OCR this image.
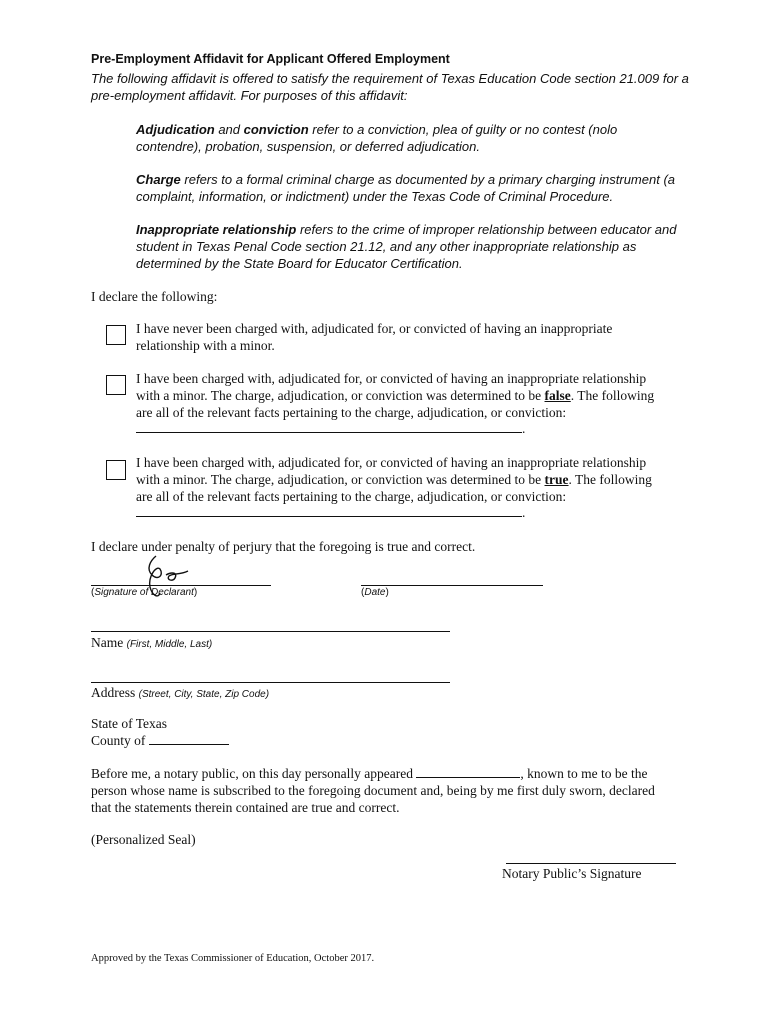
Pre-Employment Affidavit for Applicant Offered Employment
The following affidavit is offered to satisfy the requirement of Texas Education Code section 21.009 for a pre-employment affidavit. For purposes of this affidavit:
Adjudication and conviction refer to a conviction, plea of guilty or no contest (nolo contendre), probation, suspension, or deferred adjudication.
Charge refers to a formal criminal charge as documented by a primary charging instrument (a complaint, information, or indictment) under the Texas Code of Criminal Procedure.
Inappropriate relationship refers to the crime of improper relationship between educator and student in Texas Penal Code section 21.12, and any other inappropriate relationship as determined by the State Board for Educator Certification.
I declare the following:
I have never been charged with, adjudicated for, or convicted of having an inappropriate relationship with a minor.
I have been charged with, adjudicated for, or convicted of having an inappropriate relationship with a minor. The charge, adjudication, or conviction was determined to be false. The following are all of the relevant facts pertaining to the charge, adjudication, or conviction: .
I have been charged with, adjudicated for, or convicted of having an inappropriate relationship with a minor. The charge, adjudication, or conviction was determined to be true. The following are all of the relevant facts pertaining to the charge, adjudication, or conviction: .
I declare under penalty of perjury that the foregoing is true and correct.
(Signature of Declarant)	(Date)
Name (First, Middle, Last)
Address (Street, City, State, Zip Code)
State of Texas
County of
Before me, a notary public, on this day personally appeared	, known to me to be the person whose name is subscribed to the foregoing document and, being by me first duly sworn, declared that the statements therein contained are true and correct.
(Personalized Seal)
Notary Public’s Signature
Approved by the Texas Commissioner of Education, October 2017.
